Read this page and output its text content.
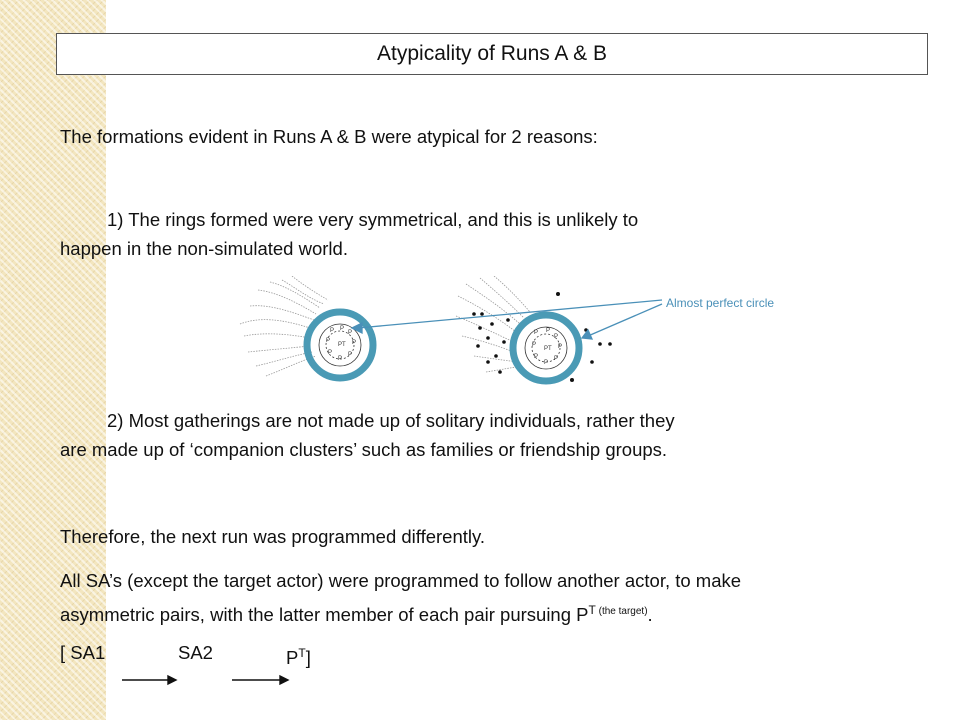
Atypicality of Runs A & B
The formations evident in Runs A & B were atypical for 2 reasons:
1) The rings formed were very symmetrical, and this is unlikely to
happen in the non-simulated world.
P P
P
P	P
P
P
P
PT
P P
P
P	P
P
P
P
PT
Almost perfect circle
2) Most gatherings are not made up of solitary individuals, rather they
are made up of ‘companion clusters’ such as families or friendship groups.
Therefore, the next run was programmed differently.
All SA’s (except the target actor) were programmed to follow another actor, to make
asymmetric pairs, with the latter member of each pair pursuing $P^T$ $^{(the target)}$.
[ SA1	SA2	$P^T$]
